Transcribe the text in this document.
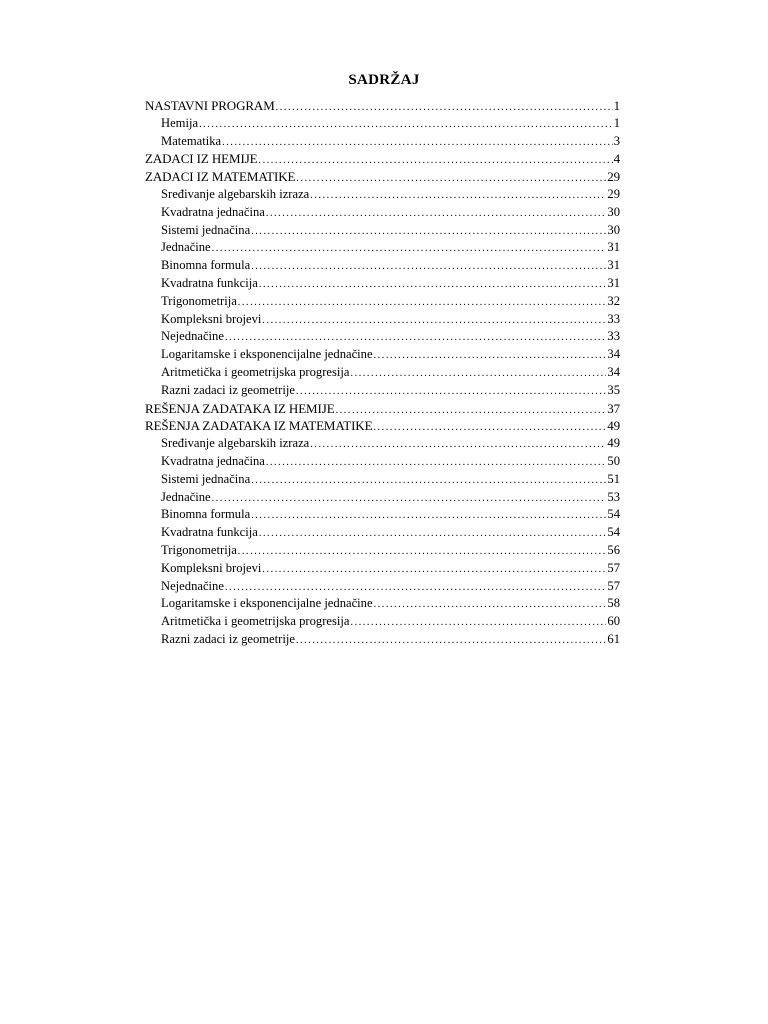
SADRŽAJ
NASTAVNI PROGRAM .....	1
Hemija .....	1
Matematika .....	3
ZADACI IZ HEMIJE .....	4
ZADACI IZ MATEMATIKE .....	29
Sređivanje algebarskih izraza .....	29
Kvadratna jednačina .....	30
Sistemi jednačina .....	30
Jednačine .....	31
Binomna formula .....	31
Kvadratna funkcija .....	31
Trigonometrija .....	32
Kompleksni brojevi .....	33
Nejednačine .....	33
Logaritamske i eksponencijalne jednačine .....	34
Aritmetička i geometrijska progresija .....	34
Razni zadaci iz geometrije .....	35
REŠENJA ZADATAKA IZ HEMIJE .....	37
REŠENJA ZADATAKA IZ MATEMATIKE .....	49
Sređivanje algebarskih izraza .....	49
Kvadratna jednačina .....	50
Sistemi jednačina .....	51
Jednačine .....	53
Binomna formula .....	54
Kvadratna funkcija .....	54
Trigonometrija .....	56
Kompleksni brojevi .....	57
Nejednačine .....	57
Logaritamske i eksponencijalne jednačine .....	58
Aritmetička i geometrijska progresija .....	60
Razni zadaci iz geometrije .....	61
